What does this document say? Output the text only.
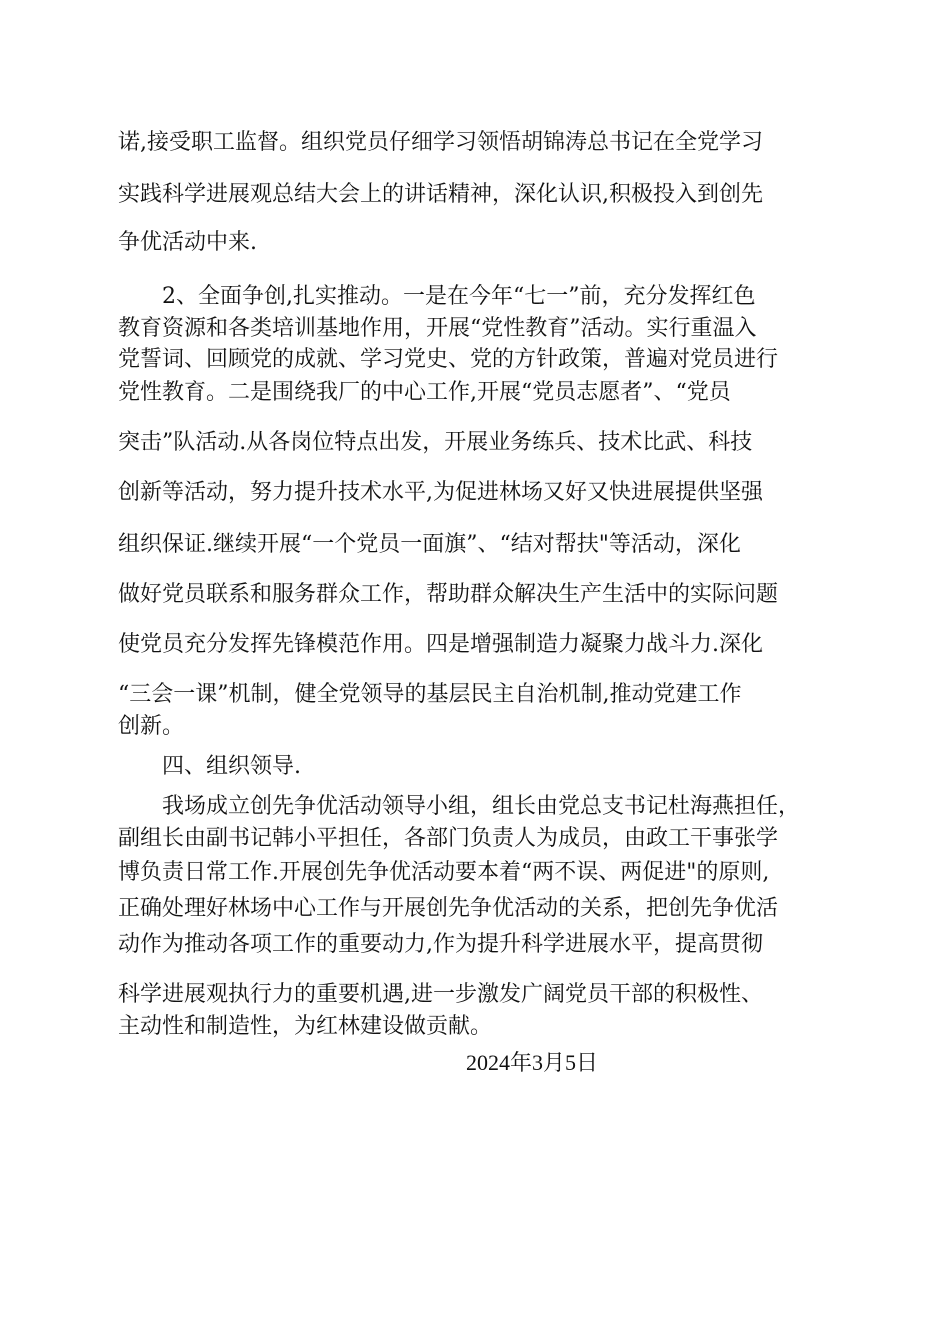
诺,接受职工监督。组织党员仔细学习领悟胡锦涛总书记在全党学习
实践科学进展观总结大会上的讲话精神，深化认识,积极投入到创先
争优活动中来.
2、全面争创,扎实推动。一是在今年“七一”前，充分发挥红色
教育资源和各类培训基地作用，开展“党性教育”活动。实行重温入
党誓词、回顾党的成就、学习党史、党的方针政策，普遍对党员进行
党性教育。二是围绕我厂的中心工作,开展“党员志愿者”、“党员
突击”队活动.从各岗位特点出发，开展业务练兵、技术比武、科技
创新等活动，努力提升技术水平,为促进林场又好又快进展提供坚强
组织保证.继续开展“一个党员一面旗”、“结对帮扶"等活动，深化
做好党员联系和服务群众工作，帮助群众解决生产生活中的实际问题
使党员充分发挥先锋模范作用。四是增强制造力凝聚力战斗力.深化
“三会一课”机制，健全党领导的基层民主自治机制,推动党建工作
创新。
四、组织领导.
我场成立创先争优活动领导小组，组长由党总支书记杜海燕担任，
副组长由副书记韩小平担任，各部门负责人为成员，由政工干事张学
博负责日常工作.开展创先争优活动要本着“两不误、两促进"的原则,
正确处理好林场中心工作与开展创先争优活动的关系，把创先争优活
动作为推动各项工作的重要动力,作为提升科学进展水平，提高贯彻
科学进展观执行力的重要机遇,进一步激发广阔党员干部的积极性、
主动性和制造性，为红林建设做贡献。
2024年3月5日
